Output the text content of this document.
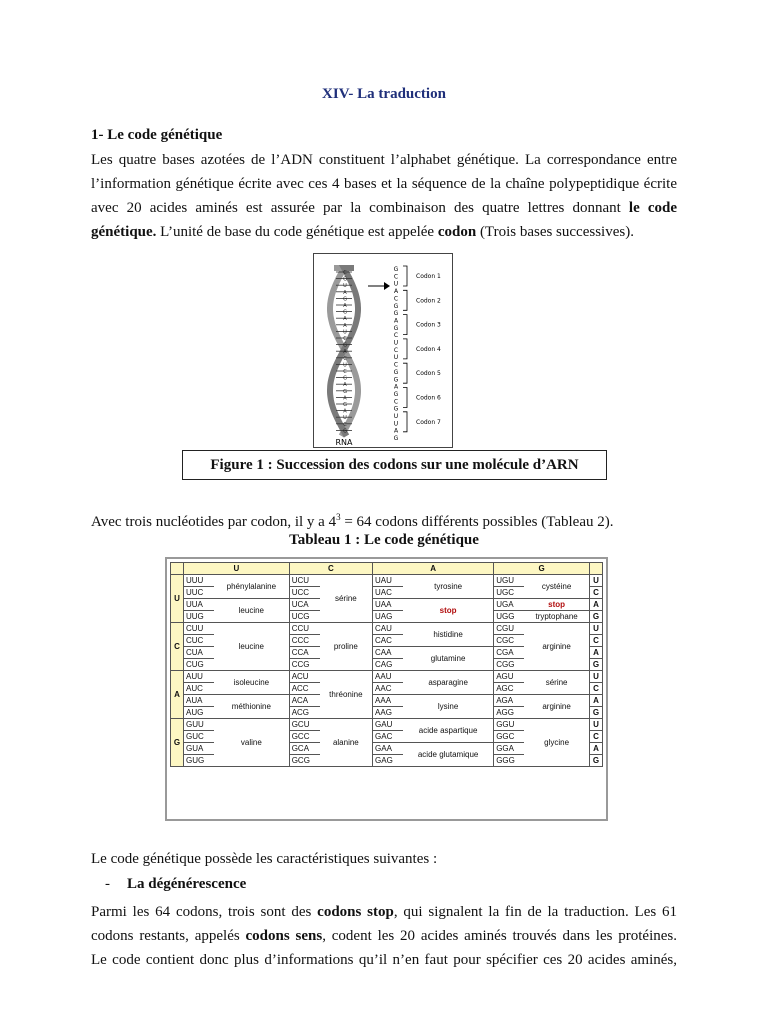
XIV- La traduction
1- Le code génétique
Les quatre bases azotées de l’ADN constituent l’alphabet génétique. La correspondance entre
l’information génétique écrite avec ces 4 bases et la séquence de la chaîne polypeptidique écrite
avec 20 acides aminés est assurée par la combinaison des quatre lettres donnant le code
génétique. L’unité de base du code génétique est appelée codon (Trois bases successives).
C
G
U
A
G
A
G
A
A
U
C
G
A
C
U
C
G
A
G
A
G
A
U
C
G
G
C
U
A
C
G
G
A
G
C
U
C
U
C
G
G
A
G
C
G
U
U
A
G
Codon 1
Codon 2
Codon 3
Codon 4
Codon 5
Codon 6
Codon 7
RNA
Figure 1 : Succession des codons sur une molécule d’ARN
Avec trois nucléotides par codon, il y a $4^3 = 64$ codons différents possibles (Tableau 2).
Tableau 1 : Le code génétique
	U		C		A		G		
U	UUU	phénylalanine	UCU	sérine	UAU	tyrosine	UGU	cystéine	U
	UUC		UCC		UAC		UGC		C
	UUA	leucine	UCA		UAA	stop	UGA	stop	A
	UUG		UCG		UAG		UGG	tryptophane	G
C	CUU	leucine	CCU	proline	CAU	histidine	CGU	arginine	U
	CUC		CCC		CAC		CGC		C
	CUA		CCA		CAA	glutamine	CGA		A
	CUG		CCG		CAG		CGG		G
A	AUU	isoleucine	ACU	thréonine	AAU	asparagine	AGU	sérine	U
	AUC		ACC		AAC		AGC		C
	AUA	méthionine	ACA		AAA	lysine	AGA	arginine	A
	AUG		ACG		AAG		AGG		G
G	GUU	valine	GCU	alanine	GAU	acide aspartique	GGU	glycine	U
	GUC		GCC		GAC		GGC		C
	GUA		GCA		GAA	acide glutamique	GGA		A
	GUG		GCG		GAG		GGG		G
Le code génétique possède les caractéristiques suivantes :
- La dégénérescence
Parmi les 64 codons, trois sont des codons stop, qui signalent la fin de la traduction. Les 61
codons restants, appelés codons sens, codent les 20 acides aminés trouvés dans les protéines.
Le code contient donc plus d’informations qu’il n’en faut pour spécifier ces 20 acides aminés,
